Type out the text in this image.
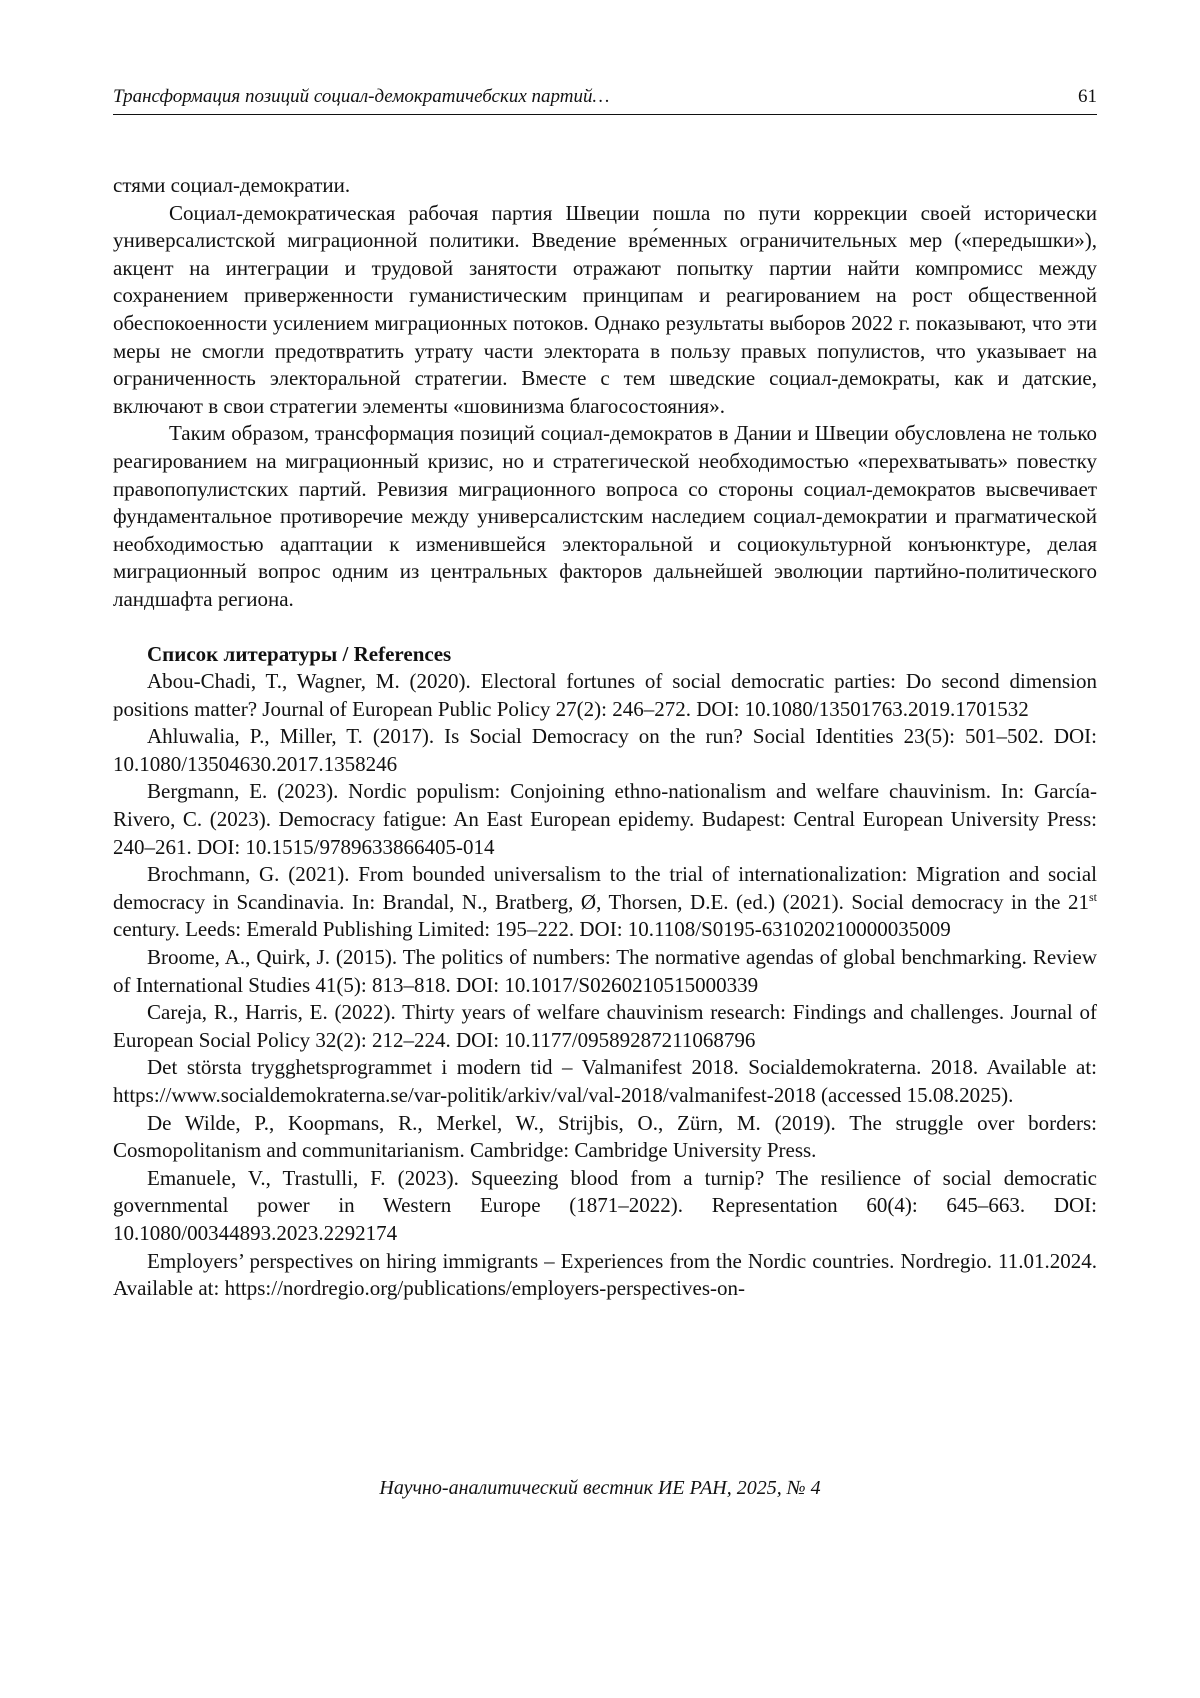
Трансформация позиций социал-демократичебских партий…	61

стями социал-демократии.

Социал-демократическая рабочая партия Швеции пошла по пути коррекции своей исторически универсалистской миграционной политики. Введение вре́менных ограничительных мер («передышки»), акцент на интеграции и трудовой занятости отражают попытку партии найти компромисс между сохранением приверженности гуманистическим принципам и реагированием на рост общественной обеспокоенности усилением миграционных потоков. Однако результаты выборов 2022 г. показывают, что эти меры не смогли предотвратить утрату части электората в пользу правых популистов, что указывает на ограниченность электоральной стратегии. Вместе с тем шведские социал-демократы, как и датские, включают в свои стратегии элементы «шовинизма благосостояния».

Таким образом, трансформация позиций социал-демократов в Дании и Швеции обусловлена не только реагированием на миграционный кризис, но и стратегической необходимостью «перехватывать» повестку правопопулистских партий. Ревизия миграционного вопроса со стороны социал-демократов высвечивает фундаментальное противоречие между универсалистским наследием социал-демократии и прагматической необходимостью адаптации к изменившейся электоральной и социокультурной конъюнктуре, делая миграционный вопрос одним из центральных факторов дальнейшей эволюции партийно-политического ландшафта региона.

Список литературы / References

Abou-Chadi, T., Wagner, M. (2020). Electoral fortunes of social democratic parties: Do second dimension positions matter? Journal of European Public Policy 27(2): 246–272. DOI: 10.1080/13501763.2019.1701532

Ahluwalia, P., Miller, T. (2017). Is Social Democracy on the run? Social Identities 23(5): 501–502. DOI: 10.1080/13504630.2017.1358246

Bergmann, E. (2023). Nordic populism: Conjoining ethno-nationalism and welfare chauvinism. In: García-Rivero, C. (2023). Democracy fatigue: An East European epidemy. Budapest: Central European University Press: 240–261. DOI: 10.1515/9789633866405-014

Brochmann, G. (2021). From bounded universalism to the trial of internationalization: Migration and social democracy in Scandinavia. In: Brandal, N., Bratberg, Ø, Thorsen, D.E. (ed.) (2021). Social democracy in the 21st century. Leeds: Emerald Publishing Limited: 195–222. DOI: 10.1108/S0195-631020210000035009

Broome, A., Quirk, J. (2015). The politics of numbers: The normative agendas of global benchmarking. Review of International Studies 41(5): 813–818. DOI: 10.1017/S0260210515000339

Careja, R., Harris, E. (2022). Thirty years of welfare chauvinism research: Findings and challenges. Journal of European Social Policy 32(2): 212–224. DOI: 10.1177/09589287211068796

Det största trygghetsprogrammet i modern tid – Valmanifest 2018. Socialdemokraterna. 2018. Available at: https://www.socialdemokraterna.se/var-politik/arkiv/val/val-2018/valmanifest-2018 (accessed 15.08.2025).

De Wilde, P., Koopmans, R., Merkel, W., Strijbis, O., Zürn, M. (2019). The struggle over borders: Cosmopolitanism and communitarianism. Cambridge: Cambridge University Press.

Emanuele, V., Trastulli, F. (2023). Squeezing blood from a turnip? The resilience of social democratic governmental power in Western Europe (1871–2022). Representation 60(4): 645–663. DOI: 10.1080/00344893.2023.2292174

Employers’ perspectives on hiring immigrants – Experiences from the Nordic countries. Nordregio. 11.01.2024. Available at: https://nordregio.org/publications/employers-perspectives-on-

Научно-аналитический вестник ИЕ РАН, 2025, № 4
